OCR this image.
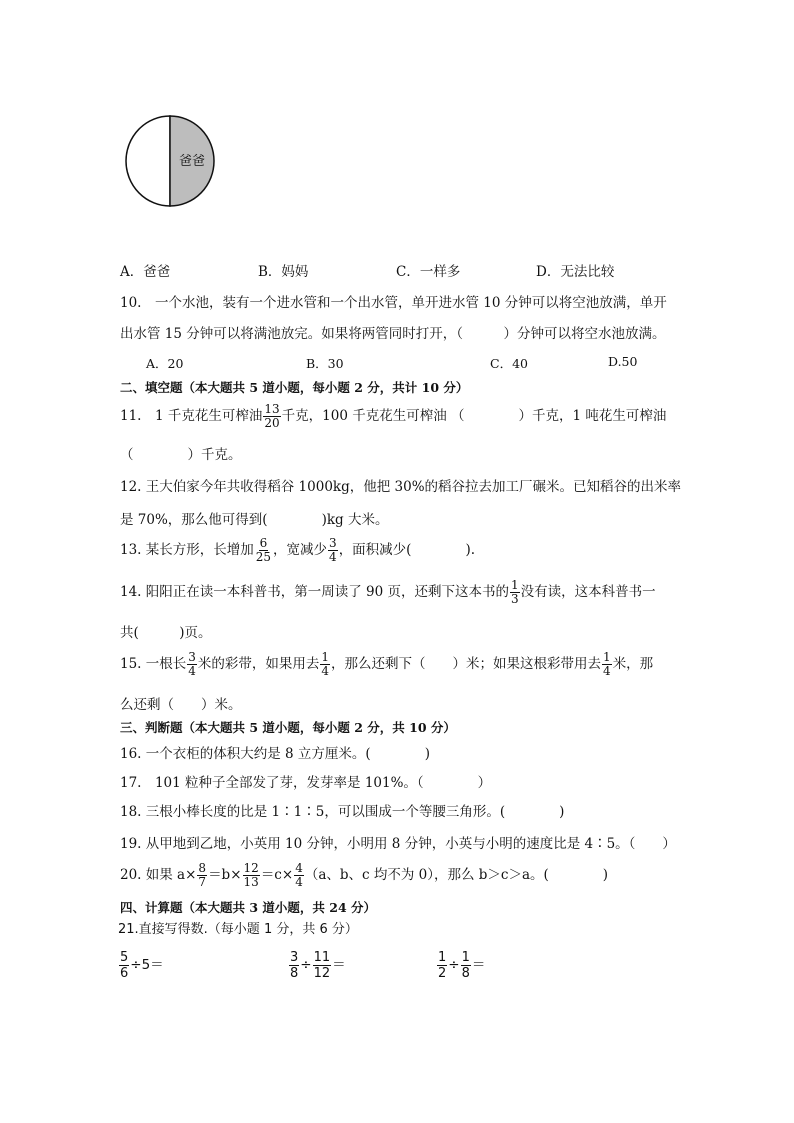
爸爸
A．爸爸	B．妈妈	C．一样多	D．无法比较
10.　一个水池，装有一个进水管和一个出水管，单开进水管 10 分钟可以将空池放满，单开
出水管 15 分钟可以将满池放完。如果将两管同时打开，（　　　）分钟可以将空水池放满。
A．20	B．30	C．40	D.50
二、填空题（本大题共 5 道小题，每小题 2 分，共计 10 分）
11.　1 千克花生可榨油 $\frac{13}{20}$ 千克，100 千克花生可榨油 （　　　　）千克，1 吨花生可榨油
（　　　　）千克。
12. 王大伯家今年共收得稻谷 1000kg，他把 30%的稻谷拉去加工厂碾米。已知稻谷的出米率
是 70%，那么他可得到(　　　　)kg 大米。
13. 某长方形，长增加 $\frac{6}{25}$ ，宽减少 $\frac{3}{4}$ ，面积减少(　　　　).
14. 阳阳正在读一本科普书，第一周读了 90 页，还剩下这本书的 $\frac{1}{3}$ 没有读，这本科普书一
共(　　　)页。
15. 一根长 $\frac{3}{4}$ 米的彩带，如果用去 $\frac{1}{4}$ ，那么还剩下（　　）米；如果这根彩带用去 $\frac{1}{4}$ 米，那
么还剩（　　）米。
三、判断题（本大题共 5 道小题，每小题 2 分，共 10 分）
16. 一个衣柜的体积大约是 8 立方厘米。(　　　　)
17.　101 粒种子全部发了芽，发芽率是 101%。（　　　　）
18. 三根小棒长度的比是 1∶1∶5，可以围成一个等腰三角形。(　　　　)
19. 从甲地到乙地，小英用 10 分钟，小明用 8 分钟，小英与小明的速度比是 4∶5。（　　）
20. 如果 $a\times \frac{8}{7} =b\times \frac{12}{13} =c\times \frac{4}{4} (a$、b、c 均不为 0），那么 b＞c＞a。(　　　　)
四、计算题（本大题共 3 道小题，共 24 分）
21.直接写得数.（每小题 1 分，共 6 分）
$\frac{5}{6} \div 5=$	$\frac{3}{8} \div \frac{11}{12}$ ＝	$\frac{1}{2} \div \frac{1}{8}$ ＝
